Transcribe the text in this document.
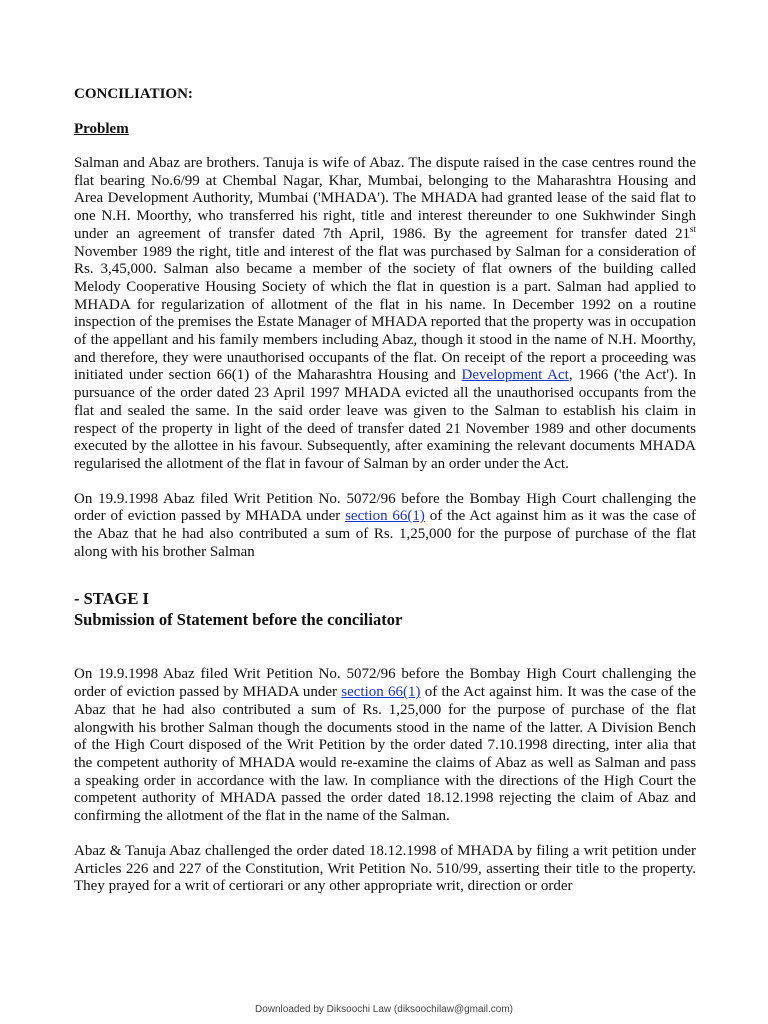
CONCILIATION:
Problem

Salman and Abaz are brothers. Tanuja is wife of Abaz. The dispute raised in the case centres round the flat bearing No.6/99 at Chembal Nagar, Khar, Mumbai, belonging to the Maharashtra Housing and Area Development Authority, Mumbai ('MHADA'). The MHADA had granted lease of the said flat to one N.H. Moorthy, who transferred his right, title and interest thereunder to one Sukhwinder Singh under an agreement of transfer dated 7th April, 1986. By the agreement for transfer dated 21st November 1989 the right, title and interest of the flat was purchased by Salman for a consideration of Rs. 3,45,000. Salman also became a member of the society of flat owners of the building called Melody Cooperative Housing Society of which the flat in question is a part. Salman had applied to MHADA for regularization of allotment of the flat in his name. In December 1992 on a routine inspection of the premises the Estate Manager of MHADA reported that the property was in occupation of the appellant and his family members including Abaz, though it stood in the name of N.H. Moorthy, and therefore, they were unauthorised occupants of the flat. On receipt of the report a proceeding was initiated under section 66(1) of the Maharashtra Housing and Development Act, 1966 ('the Act'). In pursuance of the order dated 23 April 1997 MHADA evicted all the unauthorised occupants from the flat and sealed the same. In the said order leave was given to the Salman to establish his claim in respect of the property in light of the deed of transfer dated 21 November 1989 and other documents executed by the allottee in his favour. Subsequently, after examining the relevant documents MHADA regularised the allotment of the flat in favour of Salman by an order under the Act.

On 19.9.1998 Abaz filed Writ Petition No. 5072/96 before the Bombay High Court challenging the order of eviction passed by MHADA under section 66(1) of the Act against him as it was the case of the Abaz that he had also contributed a sum of Rs. 1,25,000 for the purpose of purchase of the flat along with his brother Salman

- STAGE I
Submission of Statement before the conciliator

On 19.9.1998 Abaz filed Writ Petition No. 5072/96 before the Bombay High Court challenging the order of eviction passed by MHADA under section 66(1) of the Act against him. It was the case of the Abaz that he had also contributed a sum of Rs. 1,25,000 for the purpose of purchase of the flat alongwith his brother Salman though the documents stood in the name of the latter. A Division Bench of the High Court disposed of the Writ Petition by the order dated 7.10.1998 directing, inter alia that the competent authority of MHADA would re-examine the claims of Abaz as well as Salman and pass a speaking order in accordance with the law. In compliance with the directions of the High Court the competent authority of MHADA passed the order dated 18.12.1998 rejecting the claim of Abaz and confirming the allotment of the flat in the name of the Salman.

Abaz & Tanuja Abaz challenged the order dated 18.12.1998 of MHADA by filing a writ petition under Articles 226 and 227 of the Constitution, Writ Petition No. 510/99, asserting their title to the property. They prayed for a writ of certiorari or any other appropriate writ, direction or order

Downloaded by Diksoochi Law (diksoochilaw@gmail.com)
